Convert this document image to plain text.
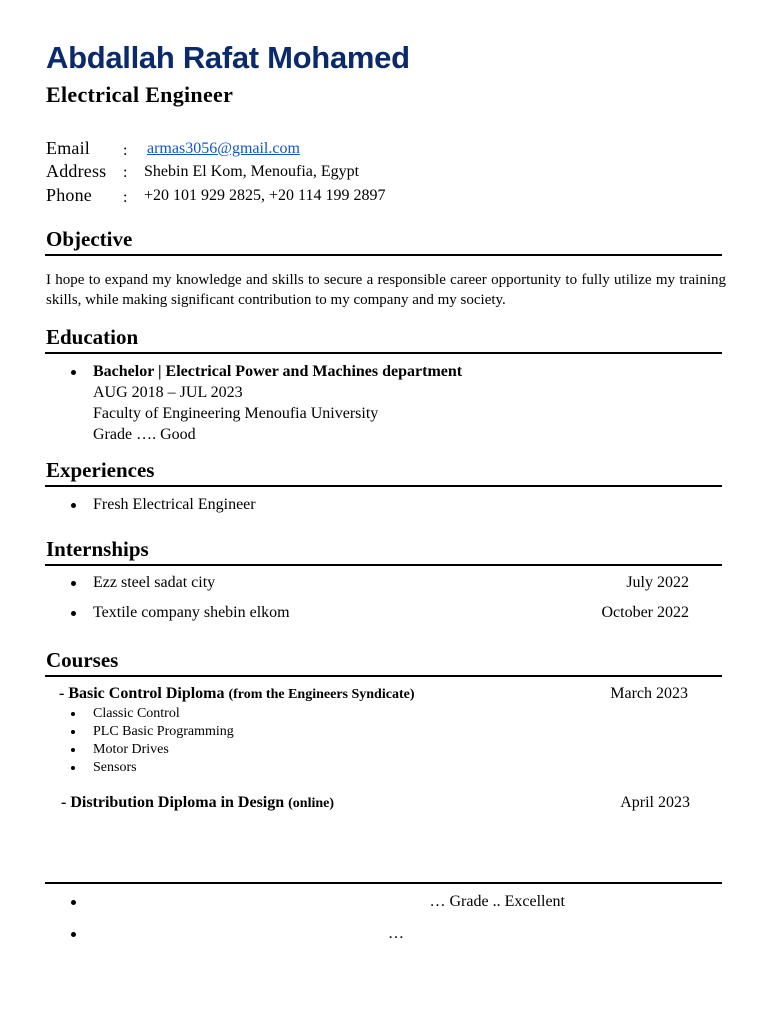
Abdallah Rafat Mohamed
Electrical Engineer
Email : armas3056@gmail.com
Address : Shebin El Kom, Menoufia, Egypt
Phone : +20 101 929 2825, +20 114 199 2897
Objective
I hope to expand my knowledge and skills to secure a responsible career opportunity to fully utilize my training skills, while making significant contribution to my company and my society.
Education
Bachelor | Electrical Power and Machines department
AUG 2018 – JUL 2023
Faculty of Engineering Menoufia University
Grade …. Good
Experiences
Fresh Electrical Engineer
Internships
Ezz steel sadat city	July 2022
Textile company shebin elkom	October 2022
Courses
- Basic Control Diploma (from the Engineers Syndicate)	March 2023
Classic Control
PLC Basic Programming
Motor Drives
Sensors
- Distribution Diploma in Design (online)	April 2023
… Grade .. Excellent
…
